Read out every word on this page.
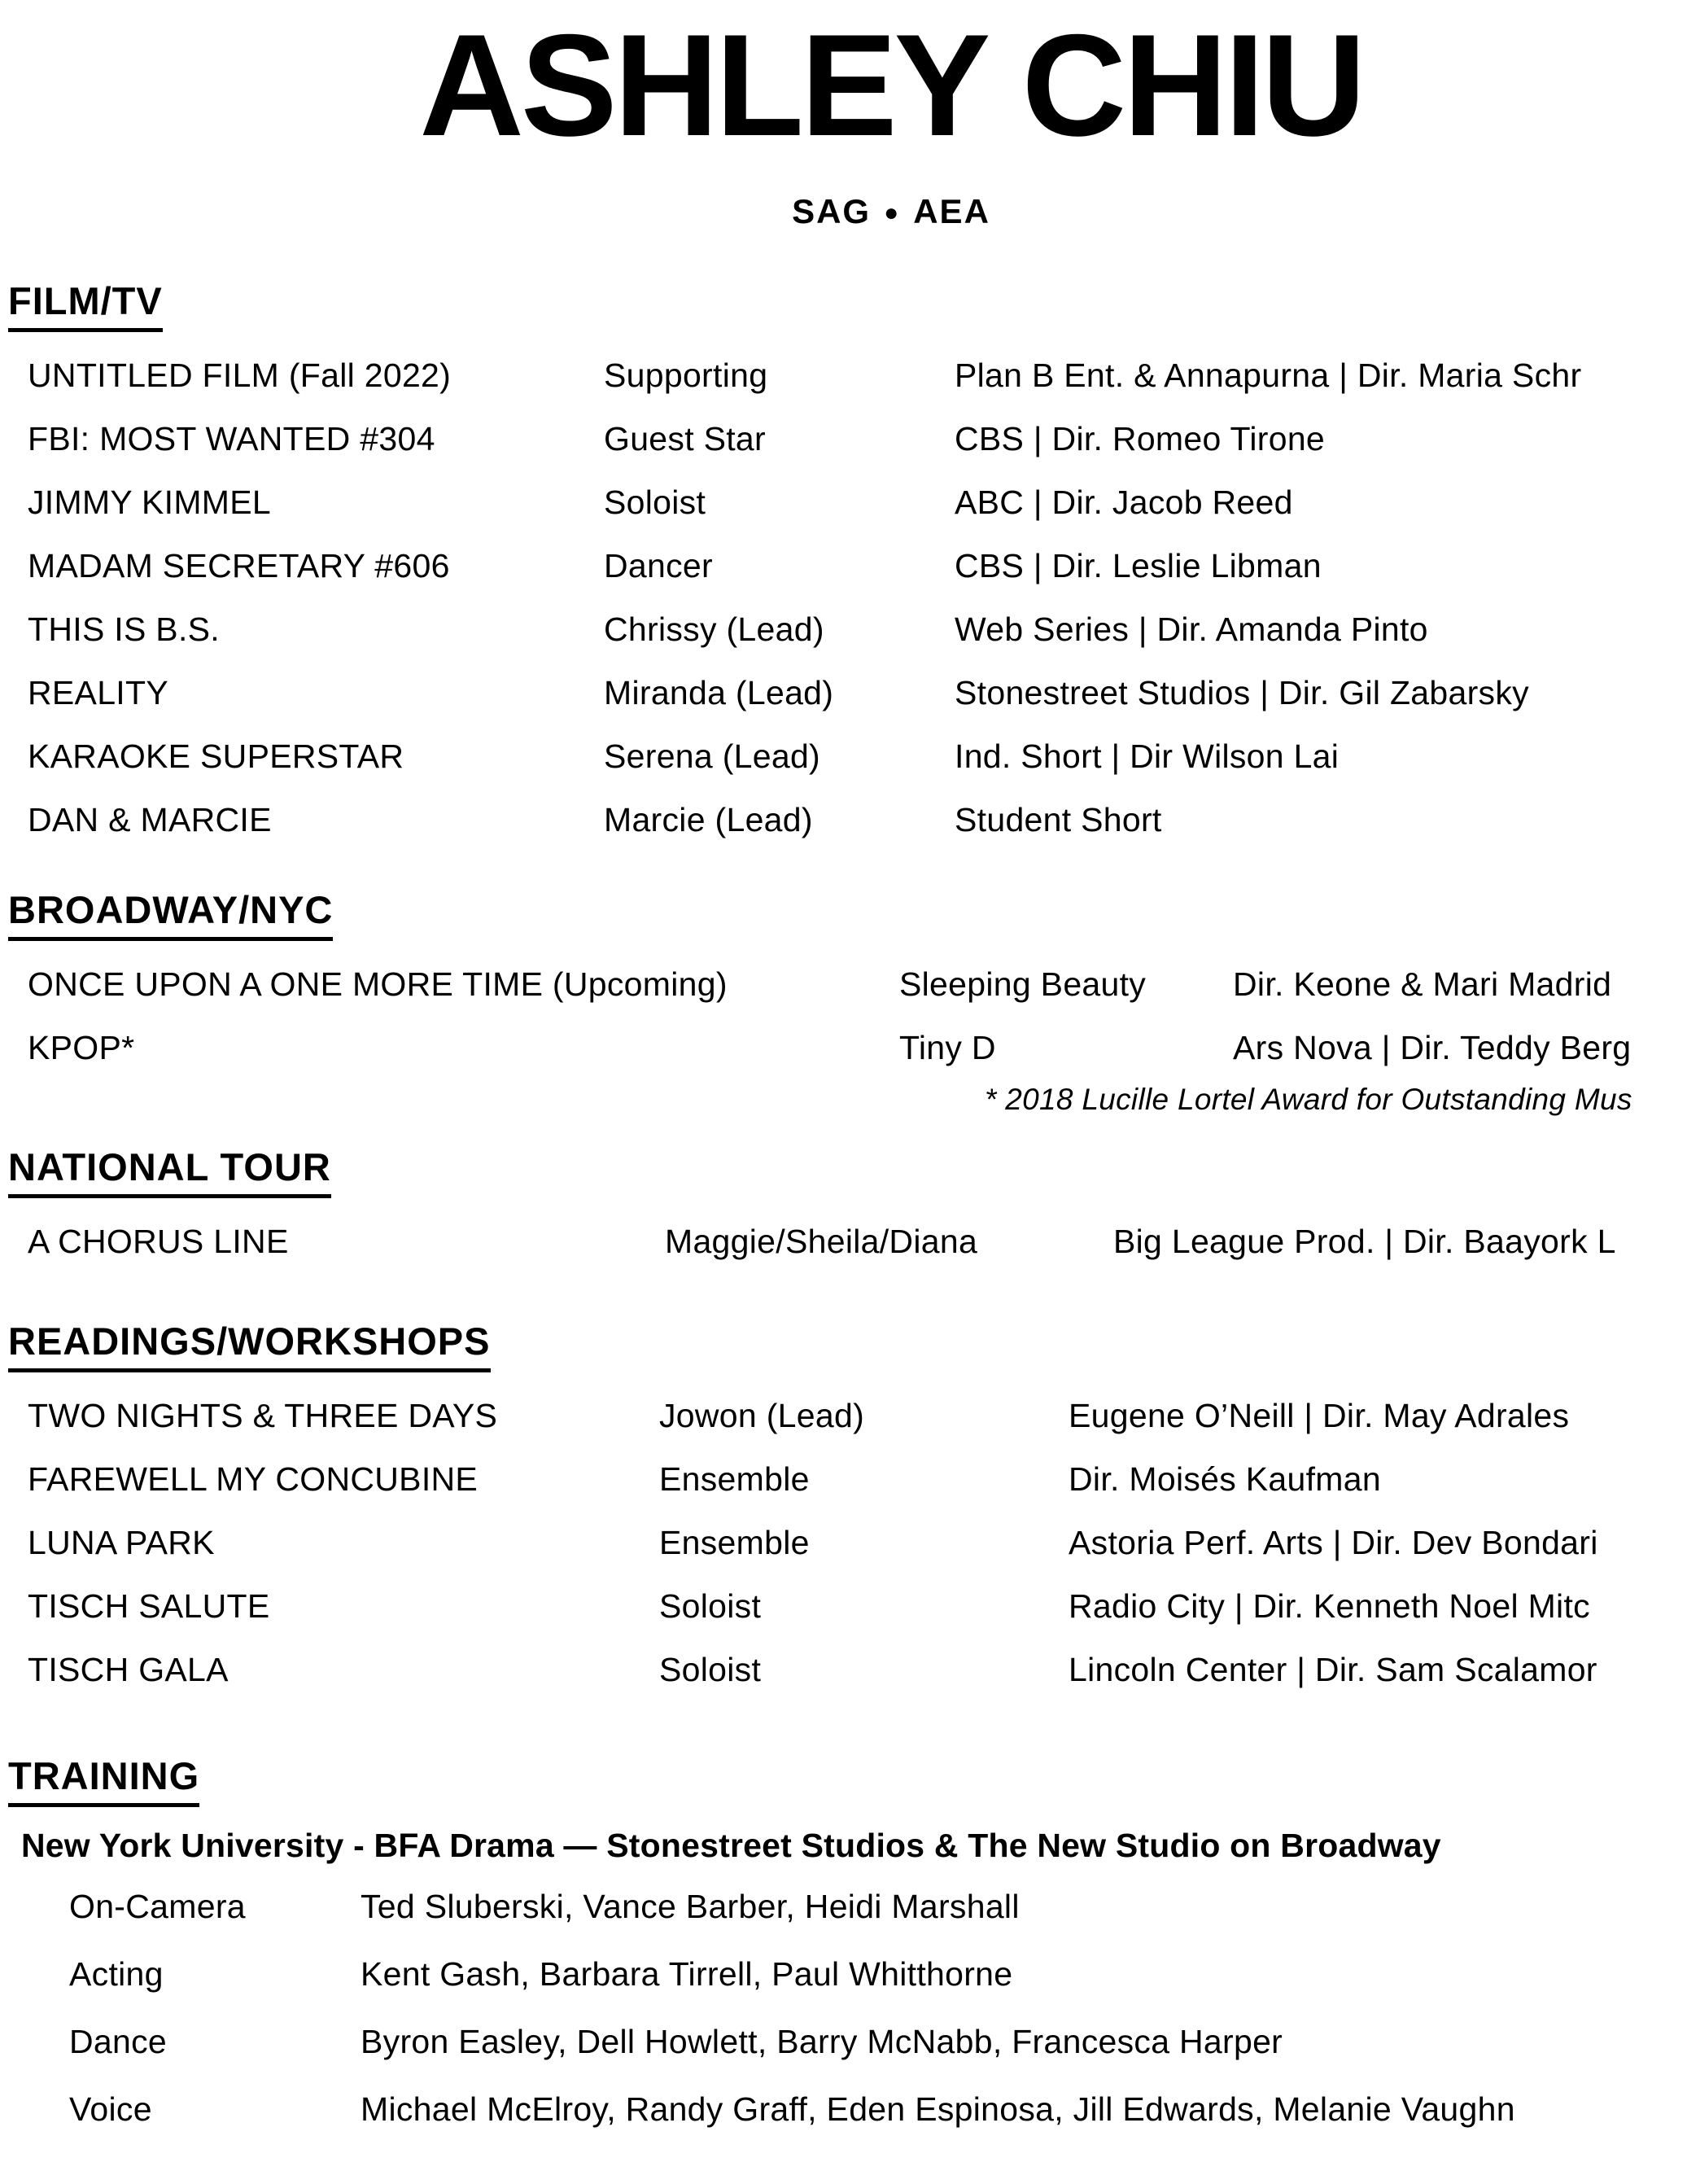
ASHLEY CHIU
SAG ● AEA
FILM/TV
UNTITLED FILM (Fall 2022)	Supporting	Plan B Ent. & Annapurna | Dir. Maria Schr
FBI: MOST WANTED #304	Guest Star	CBS | Dir. Romeo Tirone
JIMMY KIMMEL	Soloist	ABC | Dir. Jacob Reed
MADAM SECRETARY #606	Dancer	CBS | Dir. Leslie Libman
THIS IS B.S.	Chrissy (Lead)	Web Series | Dir. Amanda Pinto
REALITY	Miranda (Lead)	Stonestreet Studios | Dir. Gil Zabarsky
KARAOKE SUPERSTAR	Serena (Lead)	Ind. Short | Dir Wilson Lai
DAN & MARCIE	Marcie (Lead)	Student Short
BROADWAY/NYC
ONCE UPON A ONE MORE TIME (Upcoming)	Sleeping Beauty	Dir. Keone & Mari Madrid
KPOP*	Tiny D	Ars Nova | Dir. Teddy Berg
* 2018 Lucille Lortel Award for Outstanding Mus
NATIONAL TOUR
A CHORUS LINE	Maggie/Sheila/Diana	Big League Prod. | Dir. Baayork L
READINGS/WORKSHOPS
TWO NIGHTS & THREE DAYS	Jowon (Lead)	Eugene O’Neill | Dir. May Adrales
FAREWELL MY CONCUBINE	Ensemble	Dir. Moisés Kaufman
LUNA PARK	Ensemble	Astoria Perf. Arts | Dir. Dev Bondari
TISCH SALUTE	Soloist	Radio City | Dir. Kenneth Noel Mitc
TISCH GALA	Soloist	Lincoln Center | Dir. Sam Scalamor
TRAINING
New York University - BFA Drama — Stonestreet Studios & The New Studio on Broadway
On-Camera	Ted Sluberski, Vance Barber, Heidi Marshall
Acting	Kent Gash, Barbara Tirrell, Paul Whitthorne
Dance	Byron Easley, Dell Howlett, Barry McNabb, Francesca Harper
Voice	Michael McElroy, Randy Graff, Eden Espinosa, Jill Edwards, Melanie Vaughn
